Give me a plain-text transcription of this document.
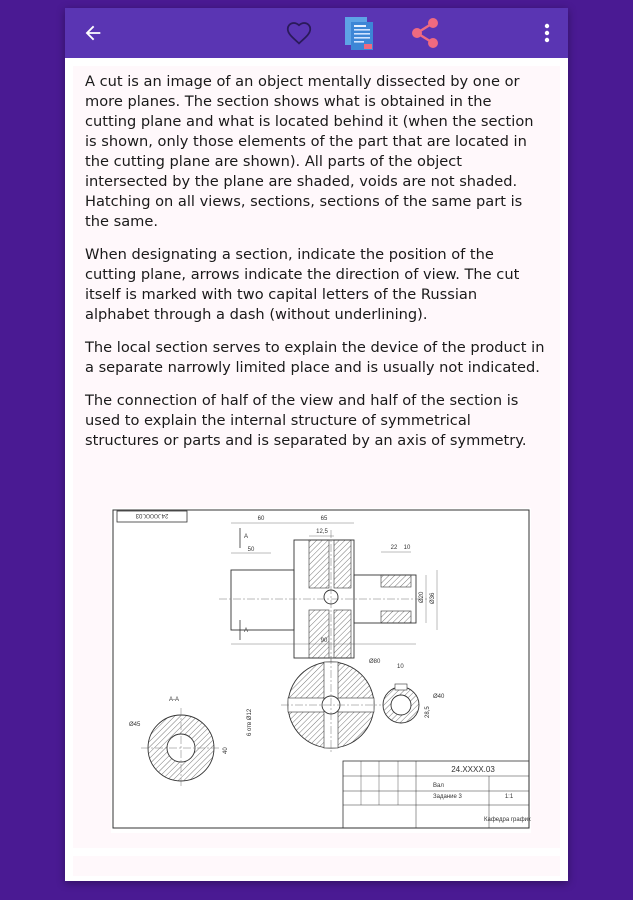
A cut is an image of an object mentally dissected by one or more planes. The section shows what is obtained in the cutting plane and what is located behind it (when the section is shown, only those elements of the part that are located in the cutting plane are shown). All parts of the object intersected by the plane are shaded, voids are not shaded. Hatching on all views, sections, sections of the same part is the same.

When designating a section, indicate the position of the cutting plane, arrows indicate the direction of view. The cut itself is marked with two capital letters of the Russian alphabet through a dash (without underlining).

The local section serves to explain the device of the product in a separate narrowly limited place and is usually not indicated.

The connection of half of the view and half of the section is used to explain the internal structure of symmetrical structures or parts and is separated by an axis of symmetry.

24.XXXX.03
A
A
60	65
12,5
50	22 10
Ø20 Ø36
90
Ø80
6 отв Ø12
10
Ø40
28,5
A-A
Ø45
40
24.XXXX.03
Вал
Задание 3	1:1
Кафедра графики
